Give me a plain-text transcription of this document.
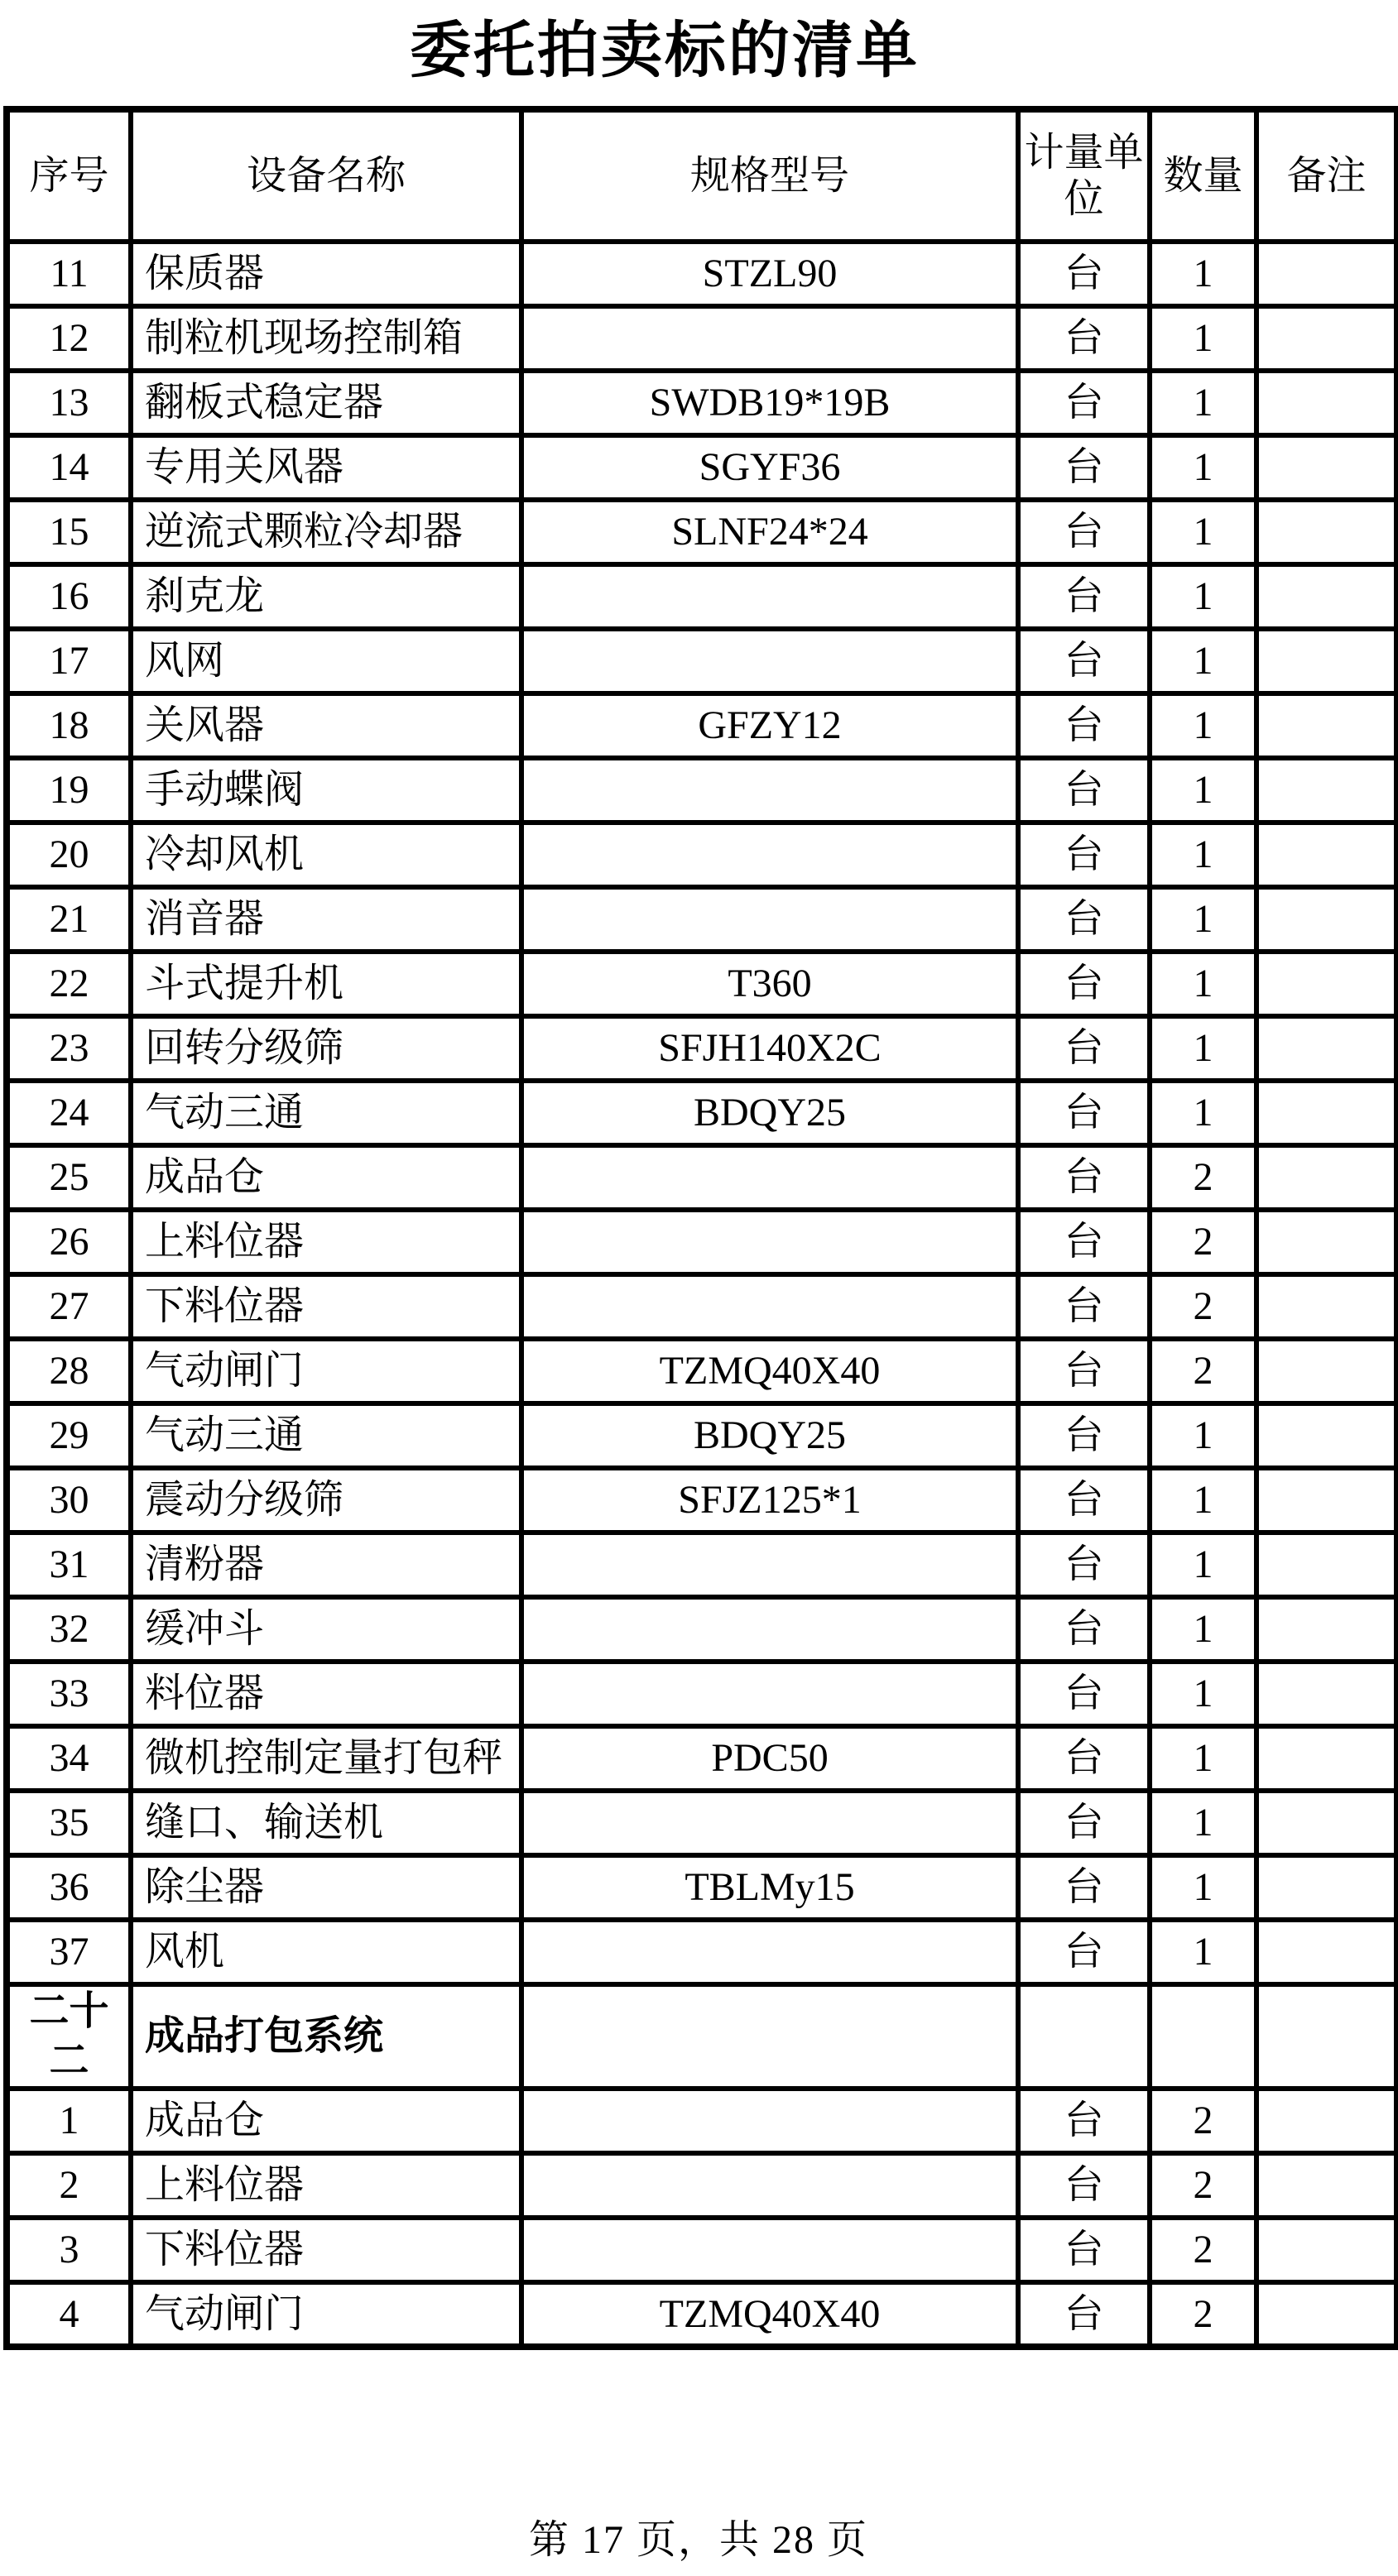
委托拍卖标的清单
序号	设备名称	规格型号	计量单位	数量	备注
11	保质器	STZL90	台	1	
12	制粒机现场控制箱		台	1	
13	翻板式稳定器	SWDB19*19B	台	1	
14	专用关风器	SGYF36	台	1	
15	逆流式颗粒冷却器	SLNF24*24	台	1	
16	刹克龙		台	1	
17	风网		台	1	
18	关风器	GFZY12	台	1	
19	手动蝶阀		台	1	
20	冷却风机		台	1	
21	消音器		台	1	
22	斗式提升机	T360	台	1	
23	回转分级筛	SFJH140X2C	台	1	
24	气动三通	BDQY25	台	1	
25	成品仓		台	2	
26	上料位器		台	2	
27	下料位器		台	2	
28	气动闸门	TZMQ40X40	台	2	
29	气动三通	BDQY25	台	1	
30	震动分级筛	SFJZ125*1	台	1	
31	清粉器		台	1	
32	缓冲斗		台	1	
33	料位器		台	1	
34	微机控制定量打包秤	PDC50	台	1	
35	缝口、输送机		台	1	
36	除尘器	TBLMy15	台	1	
37	风机		台	1	
二十二	成品打包系统				
1	成品仓		台	2	
2	上料位器		台	2	
3	下料位器		台	2	
4	气动闸门	TZMQ40X40	台	2	
第 17 页，共 28 页
